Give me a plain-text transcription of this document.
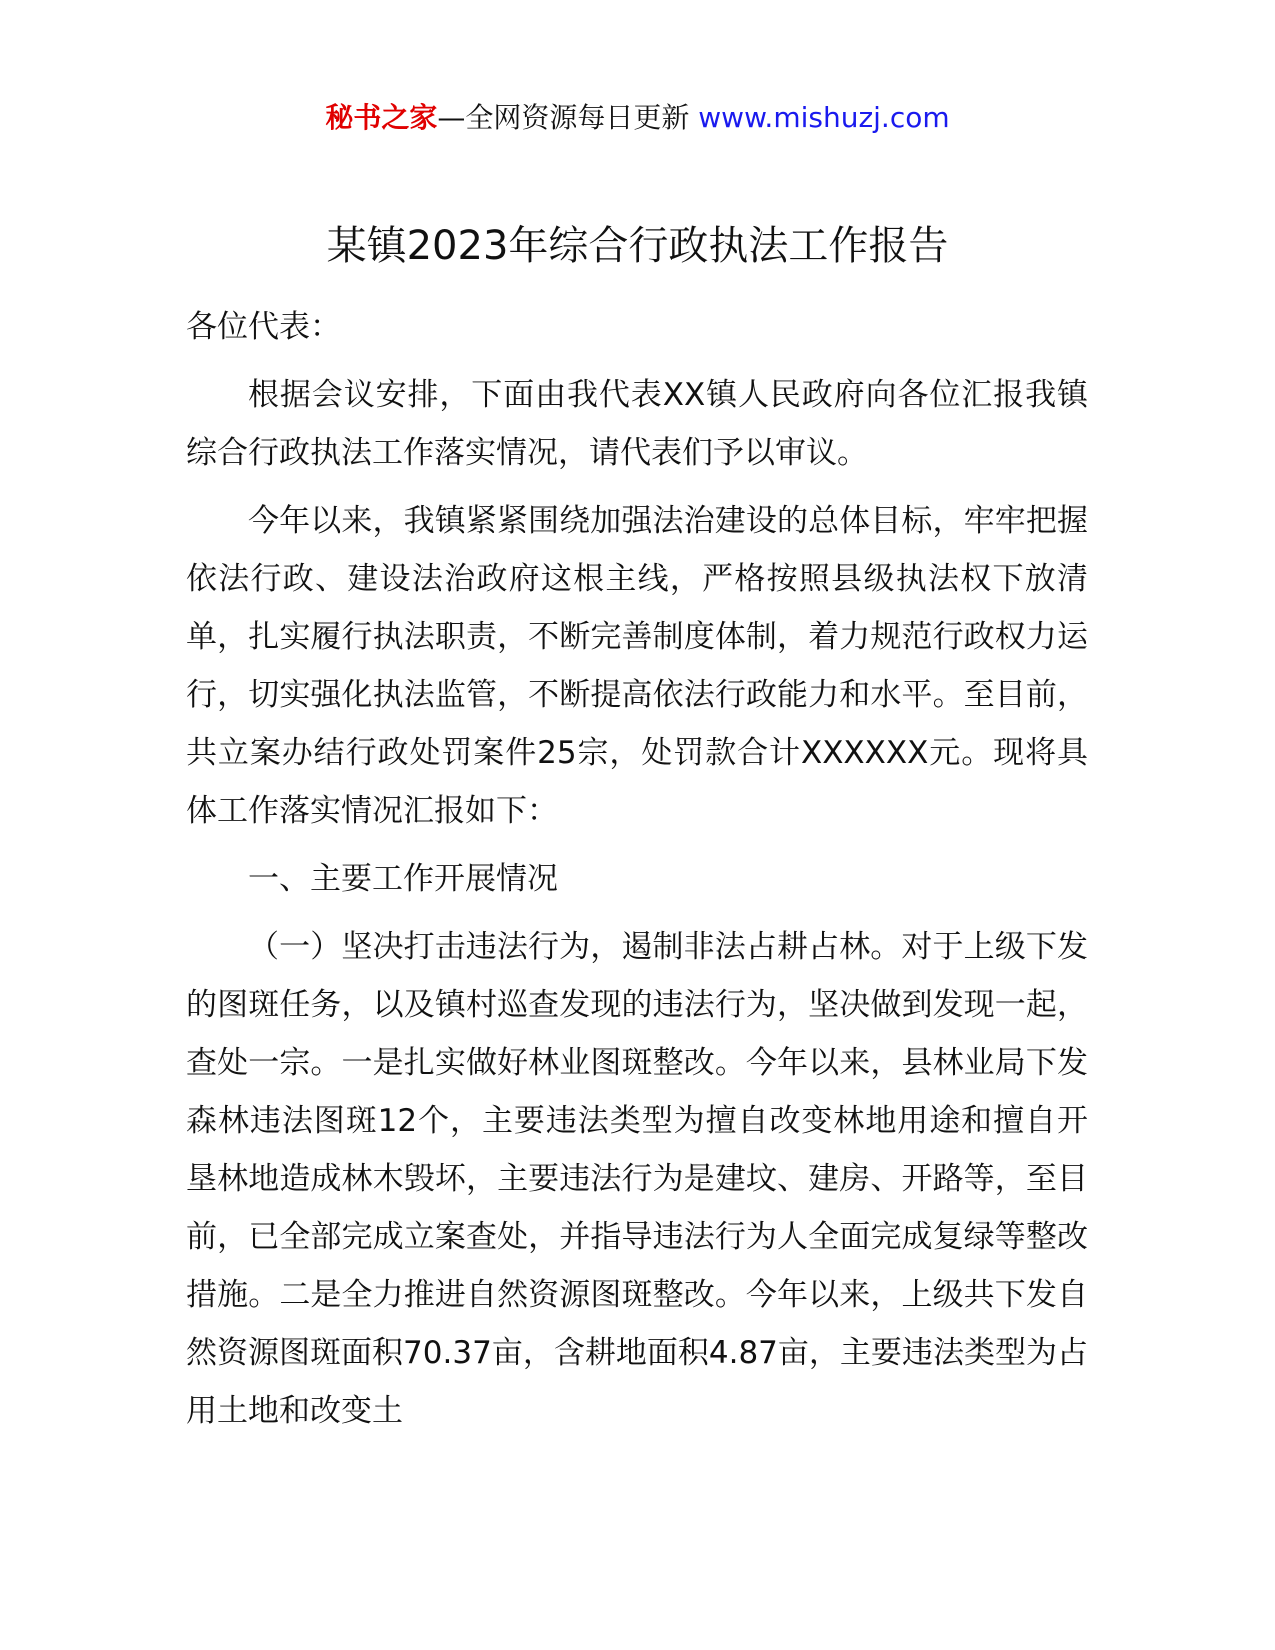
秘书之家—全网资源每日更新 www.mishuzj.com
某镇2023年综合行政执法工作报告

各位代表：

根据会议安排，下面由我代表XX镇人民政府向各位汇报我镇综合行政执法工作落实情况，请代表们予以审议。

今年以来，我镇紧紧围绕加强法治建设的总体目标，牢牢把握依法行政、建设法治政府这根主线，严格按照县级执法权下放清单，扎实履行执法职责，不断完善制度体制，着力规范行政权力运行，切实强化执法监管，不断提高依法行政能力和水平。至目前，共立案办结行政处罚案件25宗，处罚款合计XXXXXX元。现将具体工作落实情况汇报如下：

一、主要工作开展情况

（一）坚决打击违法行为，遏制非法占耕占林。对于上级下发的图斑任务，以及镇村巡查发现的违法行为，坚决做到发现一起，查处一宗。一是扎实做好林业图斑整改。今年以来，县林业局下发森林违法图斑12个，主要违法类型为擅自改变林地用途和擅自开垦林地造成林木毁坏，主要违法行为是建坟、建房、开路等，至目前，已全部完成立案查处，并指导违法行为人全面完成复绿等整改措施。二是全力推进自然资源图斑整改。今年以来，上级共下发自然资源图斑面积70.37亩，含耕地面积4.87亩，主要违法类型为占用土地和改变土
